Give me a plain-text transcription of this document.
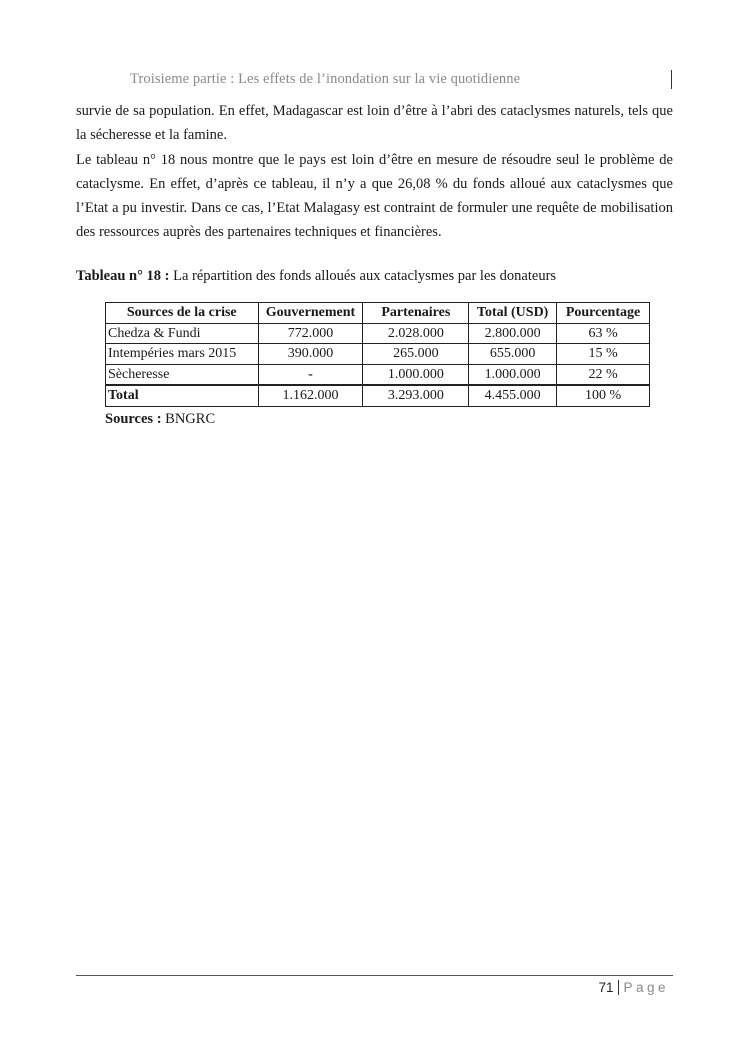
Troisieme partie : Les effets de l’inondation sur la vie quotidienne

survie de sa population. En effet, Madagascar est loin d’être à l’abri des cataclysmes naturels, tels que la sécheresse et la famine.

Le tableau n° 18 nous montre que le pays est loin d’être en mesure de résoudre seul le problème de cataclysme. En effet, d’après ce tableau, il n’y a que 26,08 % du fonds alloué aux cataclysmes que l’Etat a pu investir. Dans ce cas, l’Etat Malagasy est contraint de formuler une requête de mobilisation des ressources auprès des partenaires techniques et financières.

Tableau n° 18 : La répartition des fonds alloués aux cataclysmes par les donateurs
Sources de la crise	Gouvernement	Partenaires	Total (USD)	Pourcentage
Chedza & Fundi	772.000	2.028.000	2.800.000	63 %
Intempéries mars 2015	390.000	265.000	655.000	15 %
Sècheresse	-	1.000.000	1.000.000	22 %
Total	1.162.000	3.293.000	4.455.000	100 %
Sources : BNGRC
71 Page
